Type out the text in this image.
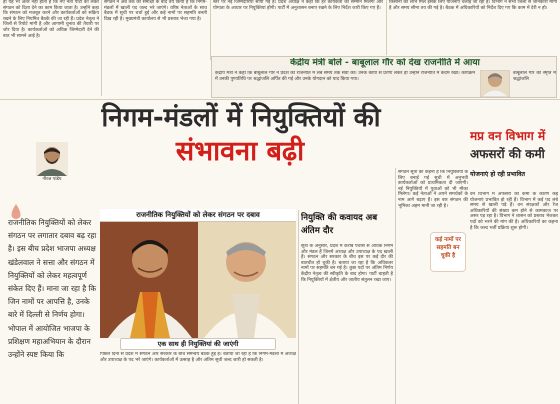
हो यह भी अंतर नहीं होता है कि नए नेता पार्टी को लेकर संगठन को दिशा देने का काम किया जाता है। उन्होंने कहा कि संगठन को मजबूत करने और कार्यकर्ताओं को सक्रिय रखने के लिए नियमित बैठकें की जा रही हैं। प्रदेश नेतृत्व ने जिलों से रिपोर्ट मांगी है और आगामी चुनाव की तैयारी पर जोर दिया है। कार्यकर्ताओं को अधिक जिम्मेदारी देने की बात भी सामने आई है।
संगठन ने अब तक की समीक्षा के बाद तय किया है कि निगम-मंडलों में खाली पद जल्द भरे जाएंगे। वरिष्ठ नेताओं के साथ बैठक में सूची पर चर्चा हुई और कई नामों पर सहमति बनती दिख रही है। मुख्यमंत्री कार्यालय से भी प्रस्ताव भेजा गया है।
स्तर पर नई जिम्मेदारियां सौंपी गई हैं। प्रदेश अध्यक्ष ने कहा कि हर कार्यकर्ता को सम्मान मिलेगा और योग्यता के आधार पर नियुक्तियां होंगी। पार्टी में अनुशासन बनाए रखने के लिए निर्देश जारी किए गए हैं।
किसानों को लाभ मिले इसके लिए योजनाएं चलाई जा रही हैं। विभाग ने सभी जिलों से जानकारी मांगी है और समय सीमा तय की गई है। बैठक में अधिकारियों को निर्देश दिए गए कि काम में देरी न हो।
केंद्रीय मंत्री बोले - बाबूलाल गौर को देख राजनीति में आया
केंद्रीय मंत्री ने कहा कि बाबूलाल गौर ने प्रदेश की राजनीति में लंबे समय तक सेवा की। उनके कार्यों से प्रेरणा लेकर ही उन्होंने राजनीति में कदम रखा। कार्यक्रम में उनकी पुण्यतिथि पर श्रद्धांजलि अर्पित की गई और उनके योगदान को याद किया गया।
बाबूलाल गौर की स्मृति में श्रद्धांजलि
नीरज पांडेय
निगम-मंडलों में नियुक्तियों की
संभावना बढ़ी
राजनीतिक नियुक्तियों को लेकर संगठन पर लगातार दबाव बढ़ रहा है। इस बीच प्रदेश भाजपा अध्यक्ष खंडेलवाल ने सत्ता और संगठन में नियुक्तियों को लेकर महत्वपूर्ण संकेत दिए हैं। माना जा रहा है कि जिन नामों पर आपत्ति है, उनके बारे में दिल्ली से निर्णय होगा। भोपाल में आयोजित भाजपा के प्रशिक्षण महाअभियान के दौरान उन्होंने स्पष्ट किया कि
राजनीतिक नियुक्तियों को लेकर संगठन पर दबाव
एक साथ ही नियुक्तियां की जाएंगी
पिछले दिनों से प्रदेश में संगठन और सरकार के बीच समन्वय बैठकें हुई हैं। बताया जा रहा है कि निगम-मंडलों में अध्यक्ष और उपाध्यक्ष के पद भरे जाएंगे। कार्यकर्ताओं में उत्साह है और अंतिम सूची जल्द जारी हो सकती है।
नियुक्ति की कवायद अब अंतिम दौर
सूत्रों के अनुसार, प्रदेश में करीब पचास से अधिक निगम और मंडल हैं जिनमें अध्यक्ष और उपाध्यक्ष के पद खाली हैं। संगठन और सरकार के बीच इस पर कई दौर की बातचीत हो चुकी है। बताया जा रहा है कि अधिकतर नामों पर सहमति बन गई है। कुछ पदों पर अंतिम निर्णय केंद्रीय नेतृत्व की स्वीकृति के बाद होगा। पार्टी चाहती है कि नियुक्तियों में क्षेत्रीय और जातीय संतुलन रखा जाए।
संगठन सूत्रों का कहना है कि नियुक्तियों के लिए बनाई गई सूची में अनुभवी कार्यकर्ताओं को प्राथमिकता दी जाएगी। नई नियुक्तियों में युवाओं को भी मौका मिलेगा। कई नेताओं ने अपने समर्थकों के नाम आगे बढ़ाए हैं। इस बार संगठन की भूमिका अहम मानी जा रही है।
कई नामों पर सहमति बन चुकी है
मप्र वन विभाग में
अफसरों की कमी
योजनाएं हो रही प्रभावित
वन विभाग में अफसरों की कमी के कारण कई योजनाएं प्रभावित हो रही हैं। विभाग में कई पद लंबे समय से खाली पड़े हैं। वन संरक्षकों और रेंज अधिकारियों की संख्या कम होने से कामकाज पर असर पड़ रहा है। विभाग ने शासन को प्रस्ताव भेजकर पदों को भरने की मांग की है। अधिकारियों का कहना है कि जल्द भर्ती प्रक्रिया शुरू होगी।
